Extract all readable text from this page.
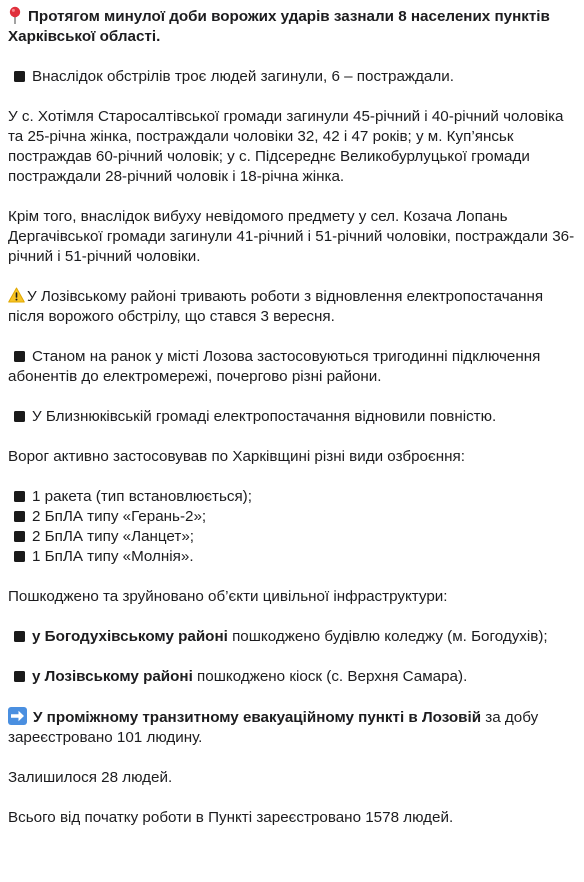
Протягом минулої доби ворожих ударів зазнали 8 населених пунктів Харківської області.

Внаслідок обстрілів троє людей загинули, 6 – постраждали.

У с. Хотімля Старосалтівської громади загинули 45-річний і 40-річний чоловіка та 25-річна жінка, постраждали чоловіки 32, 42 і 47 років; у м. Куп’янськ постраждав 60-річний чоловік; у с. Підсереднє Великобурлуцької громади постраждали 28-річний чоловік і 18-річна жінка.

Крім того, внаслідок вибуху невідомого предмету у сел. Козача Лопань Дергачівської громади загинули 41-річний і 51-річний чоловіки, постраждали 36-річний і 51-річний чоловіки.

У Лозівському районі тривають роботи з відновлення електропостачання після ворожого обстрілу, що стався 3 вересня.

Станом на ранок у місті Лозова застосовуються тригодинні підключення абонентів до електромережі, почергово різні райони.

У Близнюківській громаді електропостачання відновили повністю.

Ворог активно застосовував по Харківщині різні види озброєння:

1 ракета (тип встановлюється);
2 БпЛА типу «Герань-2»;
2 БпЛА типу «Ланцет»;
1 БпЛА типу «Молнія».

Пошкоджено та зруйновано об’єкти цивільної інфраструктури:

у Богодухівському районі пошкоджено будівлю коледжу (м. Богодухів);

у Лозівському районі пошкоджено кіоск (с. Верхня Самара).

У проміжному транзитному евакуаційному пункті в Лозовій за добу зареєстровано 101 людину.

Залишилося 28 людей.

Всього від початку роботи в Пункті зареєстровано 1578 людей.
